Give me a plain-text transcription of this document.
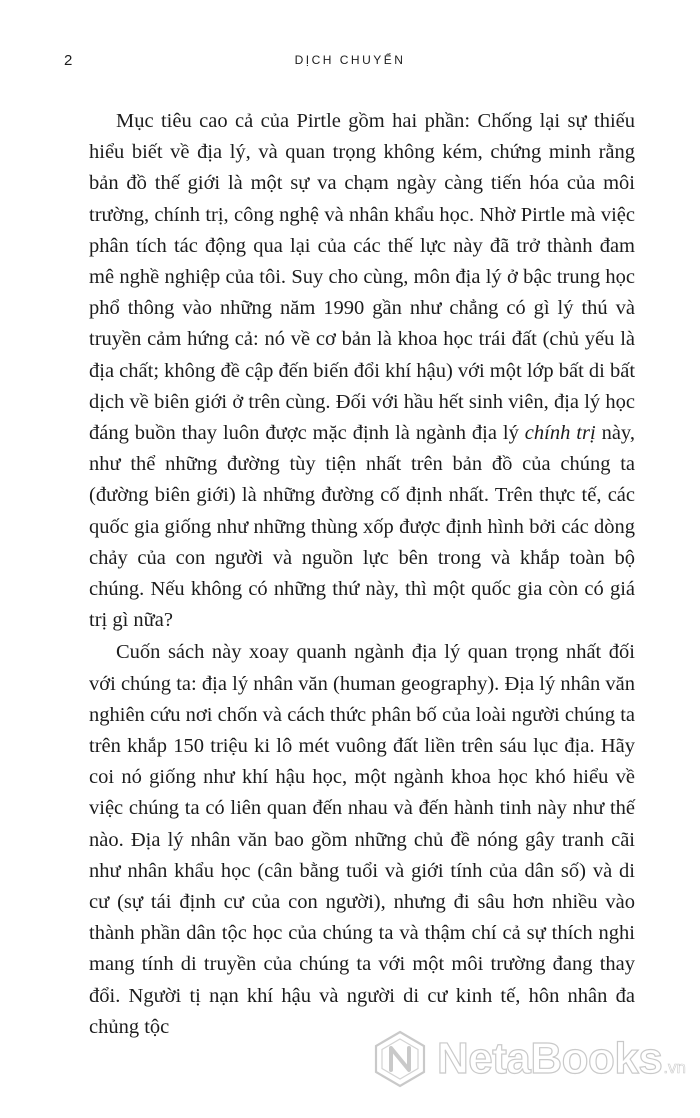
2	DỊCH CHUYỂN

Mục tiêu cao cả của Pirtle gồm hai phần: Chống lại sự thiếu hiểu biết về địa lý, và quan trọng không kém, chứng minh rằng bản đồ thế giới là một sự va chạm ngày càng tiến hóa của môi trường, chính trị, công nghệ và nhân khẩu học. Nhờ Pirtle mà việc phân tích tác động qua lại của các thế lực này đã trở thành đam mê nghề nghiệp của tôi. Suy cho cùng, môn địa lý ở bậc trung học phổ thông vào những năm 1990 gần như chẳng có gì lý thú và truyền cảm hứng cả: nó về cơ bản là khoa học trái đất (chủ yếu là địa chất; không đề cập đến biến đổi khí hậu) với một lớp bất di bất dịch về biên giới ở trên cùng. Đối với hầu hết sinh viên, địa lý học đáng buồn thay luôn được mặc định là ngành địa lý chính trị này, như thể những đường tùy tiện nhất trên bản đồ của chúng ta (đường biên giới) là những đường cố định nhất. Trên thực tế, các quốc gia giống như những thùng xốp được định hình bởi các dòng chảy của con người và nguồn lực bên trong và khắp toàn bộ chúng. Nếu không có những thứ này, thì một quốc gia còn có giá trị gì nữa?

Cuốn sách này xoay quanh ngành địa lý quan trọng nhất đối với chúng ta: địa lý nhân văn (human geography). Địa lý nhân văn nghiên cứu nơi chốn và cách thức phân bố của loài người chúng ta trên khắp 150 triệu ki lô mét vuông đất liền trên sáu lục địa. Hãy coi nó giống như khí hậu học, một ngành khoa học khó hiểu về việc chúng ta có liên quan đến nhau và đến hành tinh này như thế nào. Địa lý nhân văn bao gồm những chủ đề nóng gây tranh cãi như nhân khẩu học (cân bằng tuổi và giới tính của dân số) và di cư (sự tái định cư của con người), nhưng đi sâu hơn nhiều vào thành phần dân tộc học của chúng ta và thậm chí cả sự thích nghi mang tính di truyền của chúng ta với một môi trường đang thay đổi. Người tị nạn khí hậu và người di cư kinh tế, hôn nhân đa chủng tộc

NetaBooks .vn
